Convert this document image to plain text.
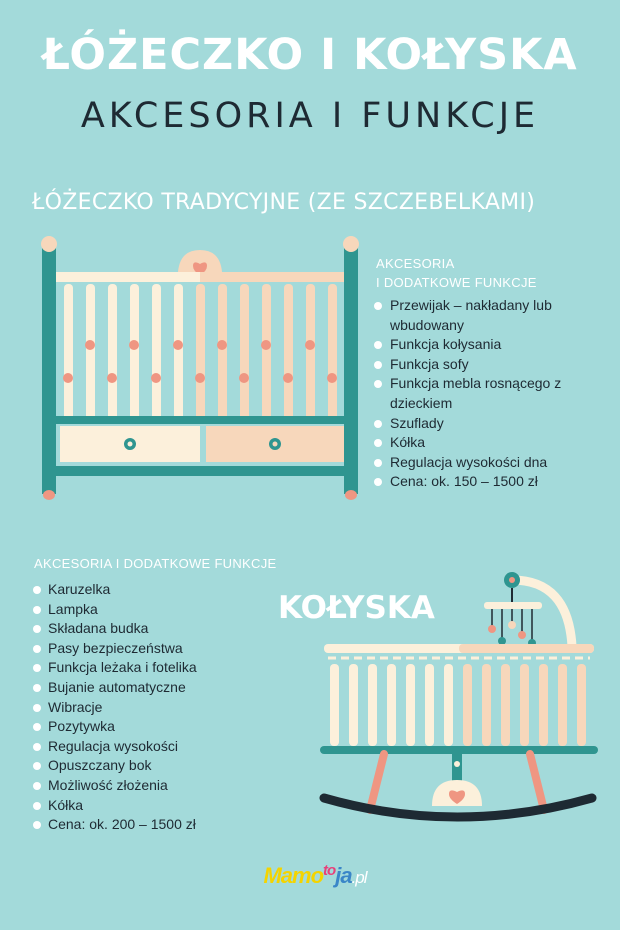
ŁÓŻECZKO I KOŁYSKA
AKCESORIA I FUNKCJE
ŁÓŻECZKO TRADYCYJNE (ZE SZCZEBELKAMI)
AKCESORIA
I DODATKOWE FUNKCJE
Przewijak – nakładany lub wbudowany
Funkcja kołysania
Funkcja sofy
Funkcja mebla rosnącego z dzieckiem
Szuflady
Kółka
Regulacja wysokości dna
Cena: ok. 150 – 1500 zł
AKCESORIA I DODATKOWE FUNKCJE
Karuzelka
Lampka
Składana budka
Pasy bezpieczeństwa
Funkcja leżaka i fotelika
Bujanie automatyczne
Wibracje
Pozytywka
Regulacja wysokości
Opuszczany bok
Możliwość złożenia
Kółka
Cena: ok. 200 – 1500 zł
KOŁYSKA
Mamo$^{to}$ja.pl
